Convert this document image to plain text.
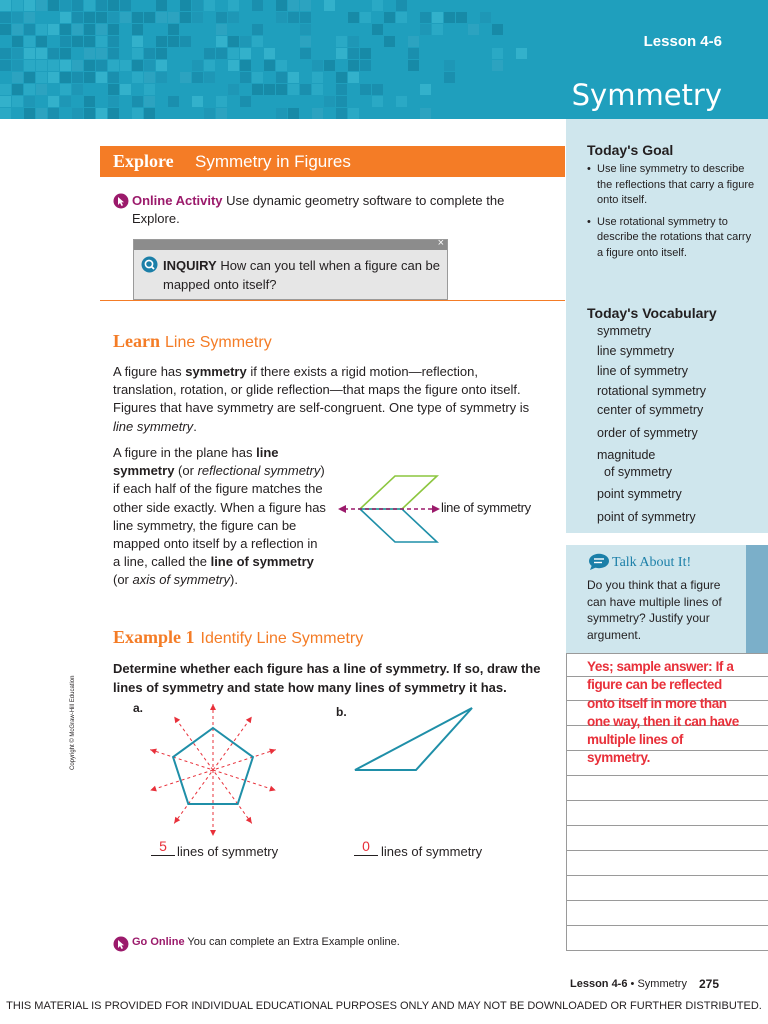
Lesson 4-6
Symmetry
Explore Symmetry in Figures
Online Activity Use dynamic geometry software to complete the Explore.
×
INQUIRY How can you tell when a figure can be mapped onto itself?
Learn Line Symmetry

A figure has symmetry if there exists a rigid motion—reflection, translation, rotation, or glide reflection—that maps the figure onto itself. Figures that have symmetry are self-congruent. One type of symmetry is line symmetry.

A figure in the plane has line symmetry (or reflectional symmetry) if each half of the figure matches the other side exactly. When a figure has line symmetry, the figure can be mapped onto itself by a reflection in a line, called the line of symmetry (or axis of symmetry).

line of symmetry
Example 1 Identify Line Symmetry

Determine whether each figure has a line of symmetry. If so, draw the lines of symmetry and state how many lines of symmetry it has.

a.	b.
5 lines of symmetry	0 lines of symmetry
Go Online You can complete an Extra Example online.
Copyright © McGraw-Hill Education
Today's Goal
• Use line symmetry to describe the reflections that carry a figure onto itself.
• Use rotational symmetry to describe the rotations that carry a figure onto itself.
Today's Vocabulary
symmetry
line symmetry
line of symmetry
rotational symmetry
center of symmetry
order of symmetry
magnitude
of symmetry
point symmetry
point of symmetry
Talk About It!
Do you think that a figure can have multiple lines of symmetry? Justify your argument.
Yes; sample answer: If a figure can be reflected onto itself in more than one way, then it can have multiple lines of symmetry.
Lesson 4-6 • Symmetry 275
THIS MATERIAL IS PROVIDED FOR INDIVIDUAL EDUCATIONAL PURPOSES ONLY AND MAY NOT BE DOWNLOADED OR FURTHER DISTRIBUTED.
